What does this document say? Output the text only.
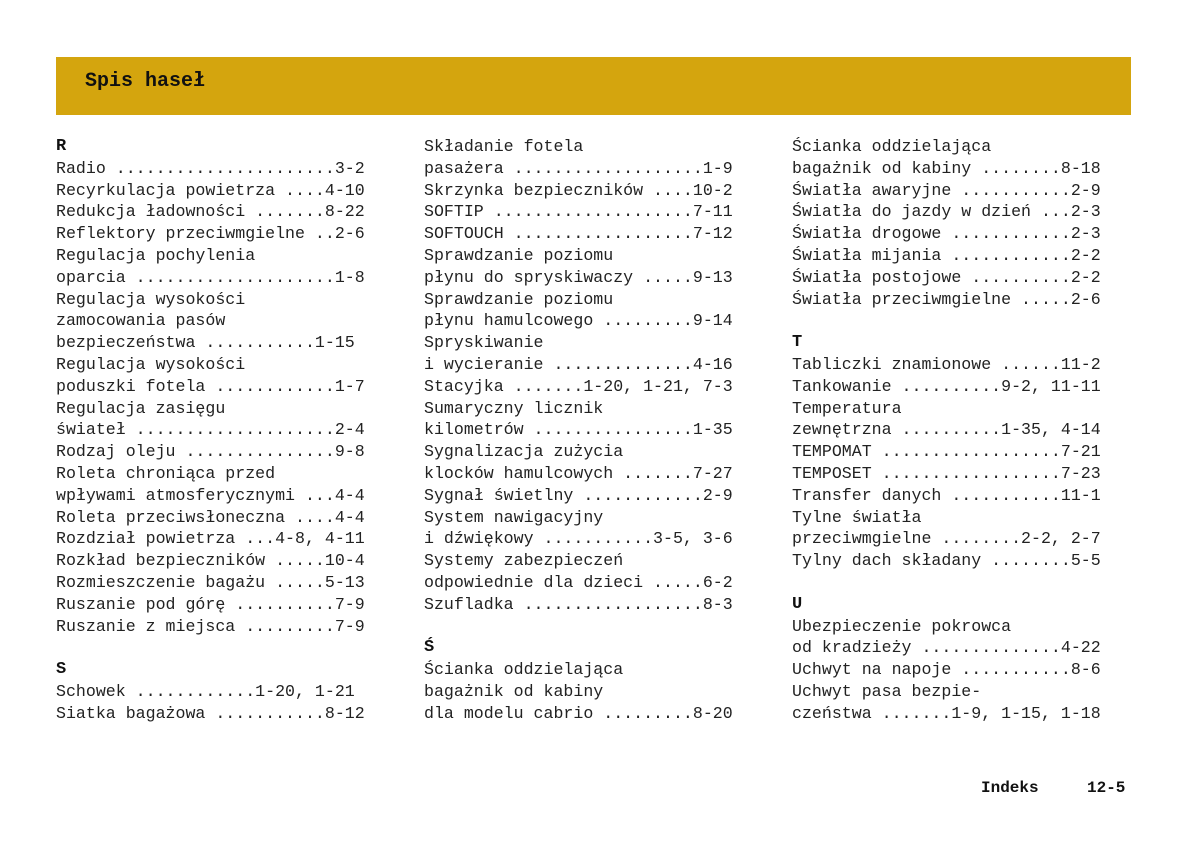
Spis haseł
R
Radio ......................3-2
Recyrkulacja powietrza ....4-10
Redukcja ładowności .......8-22
Reflektory przeciwmgielne ..2-6
Regulacja pochylenia
oparcia ....................1-8
Regulacja wysokości
zamocowania pasów
bezpieczeństwa ...........1-15
Regulacja wysokości
poduszki fotela ............1-7
Regulacja zasięgu
świateł ....................2-4
Rodzaj oleju ...............9-8
Roleta chroniąca przed
wpływami atmosferycznymi ...4-4
Roleta przeciwsłoneczna ....4-4
Rozdział powietrza ...4-8, 4-11
Rozkład bezpieczników .....10-4
Rozmieszczenie bagażu .....5-13
Ruszanie pod górę ..........7-9
Ruszanie z miejsca .........7-9
S
Schowek ............1-20, 1-21
Siatka bagażowa ...........8-12
Składanie fotela
pasażera ...................1-9
Skrzynka bezpieczników ....10-2
SOFTIP ....................7-11
SOFTOUCH ..................7-12
Sprawdzanie poziomu
płynu do spryskiwaczy .....9-13
Sprawdzanie poziomu
płynu hamulcowego .........9-14
Spryskiwanie
i wycieranie ..............4-16
Stacyjka .......1-20, 1-21, 7-3
Sumaryczny licznik
kilometrów ................1-35
Sygnalizacja zużycia
klocków hamulcowych .......7-27
Sygnał świetlny ............2-9
System nawigacyjny
i dźwiękowy ...........3-5, 3-6
Systemy zabezpieczeń
odpowiednie dla dzieci .....6-2
Szufladka ..................8-3
Ś
Ścianka oddzielająca
bagażnik od kabiny
dla modelu cabrio .........8-20
Ścianka oddzielająca
bagażnik od kabiny ........8-18
Światła awaryjne ...........2-9
Światła do jazdy w dzień ...2-3
Światła drogowe ............2-3
Światła mijania ............2-2
Światła postojowe ..........2-2
Światła przeciwmgielne .....2-6
T
Tabliczki znamionowe ......11-2
Tankowanie ..........9-2, 11-11
Temperatura
zewnętrzna ..........1-35, 4-14
TEMPOMAT ..................7-21
TEMPOSET ..................7-23
Transfer danych ...........11-1
Tylne światła
przeciwmgielne ........2-2, 2-7
Tylny dach składany ........5-5
U
Ubezpieczenie pokrowca
od kradzieży ..............4-22
Uchwyt na napoje ...........8-6
Uchwyt pasa bezpie-
czeństwa .......1-9, 1-15, 1-18
Indeks	12-5
